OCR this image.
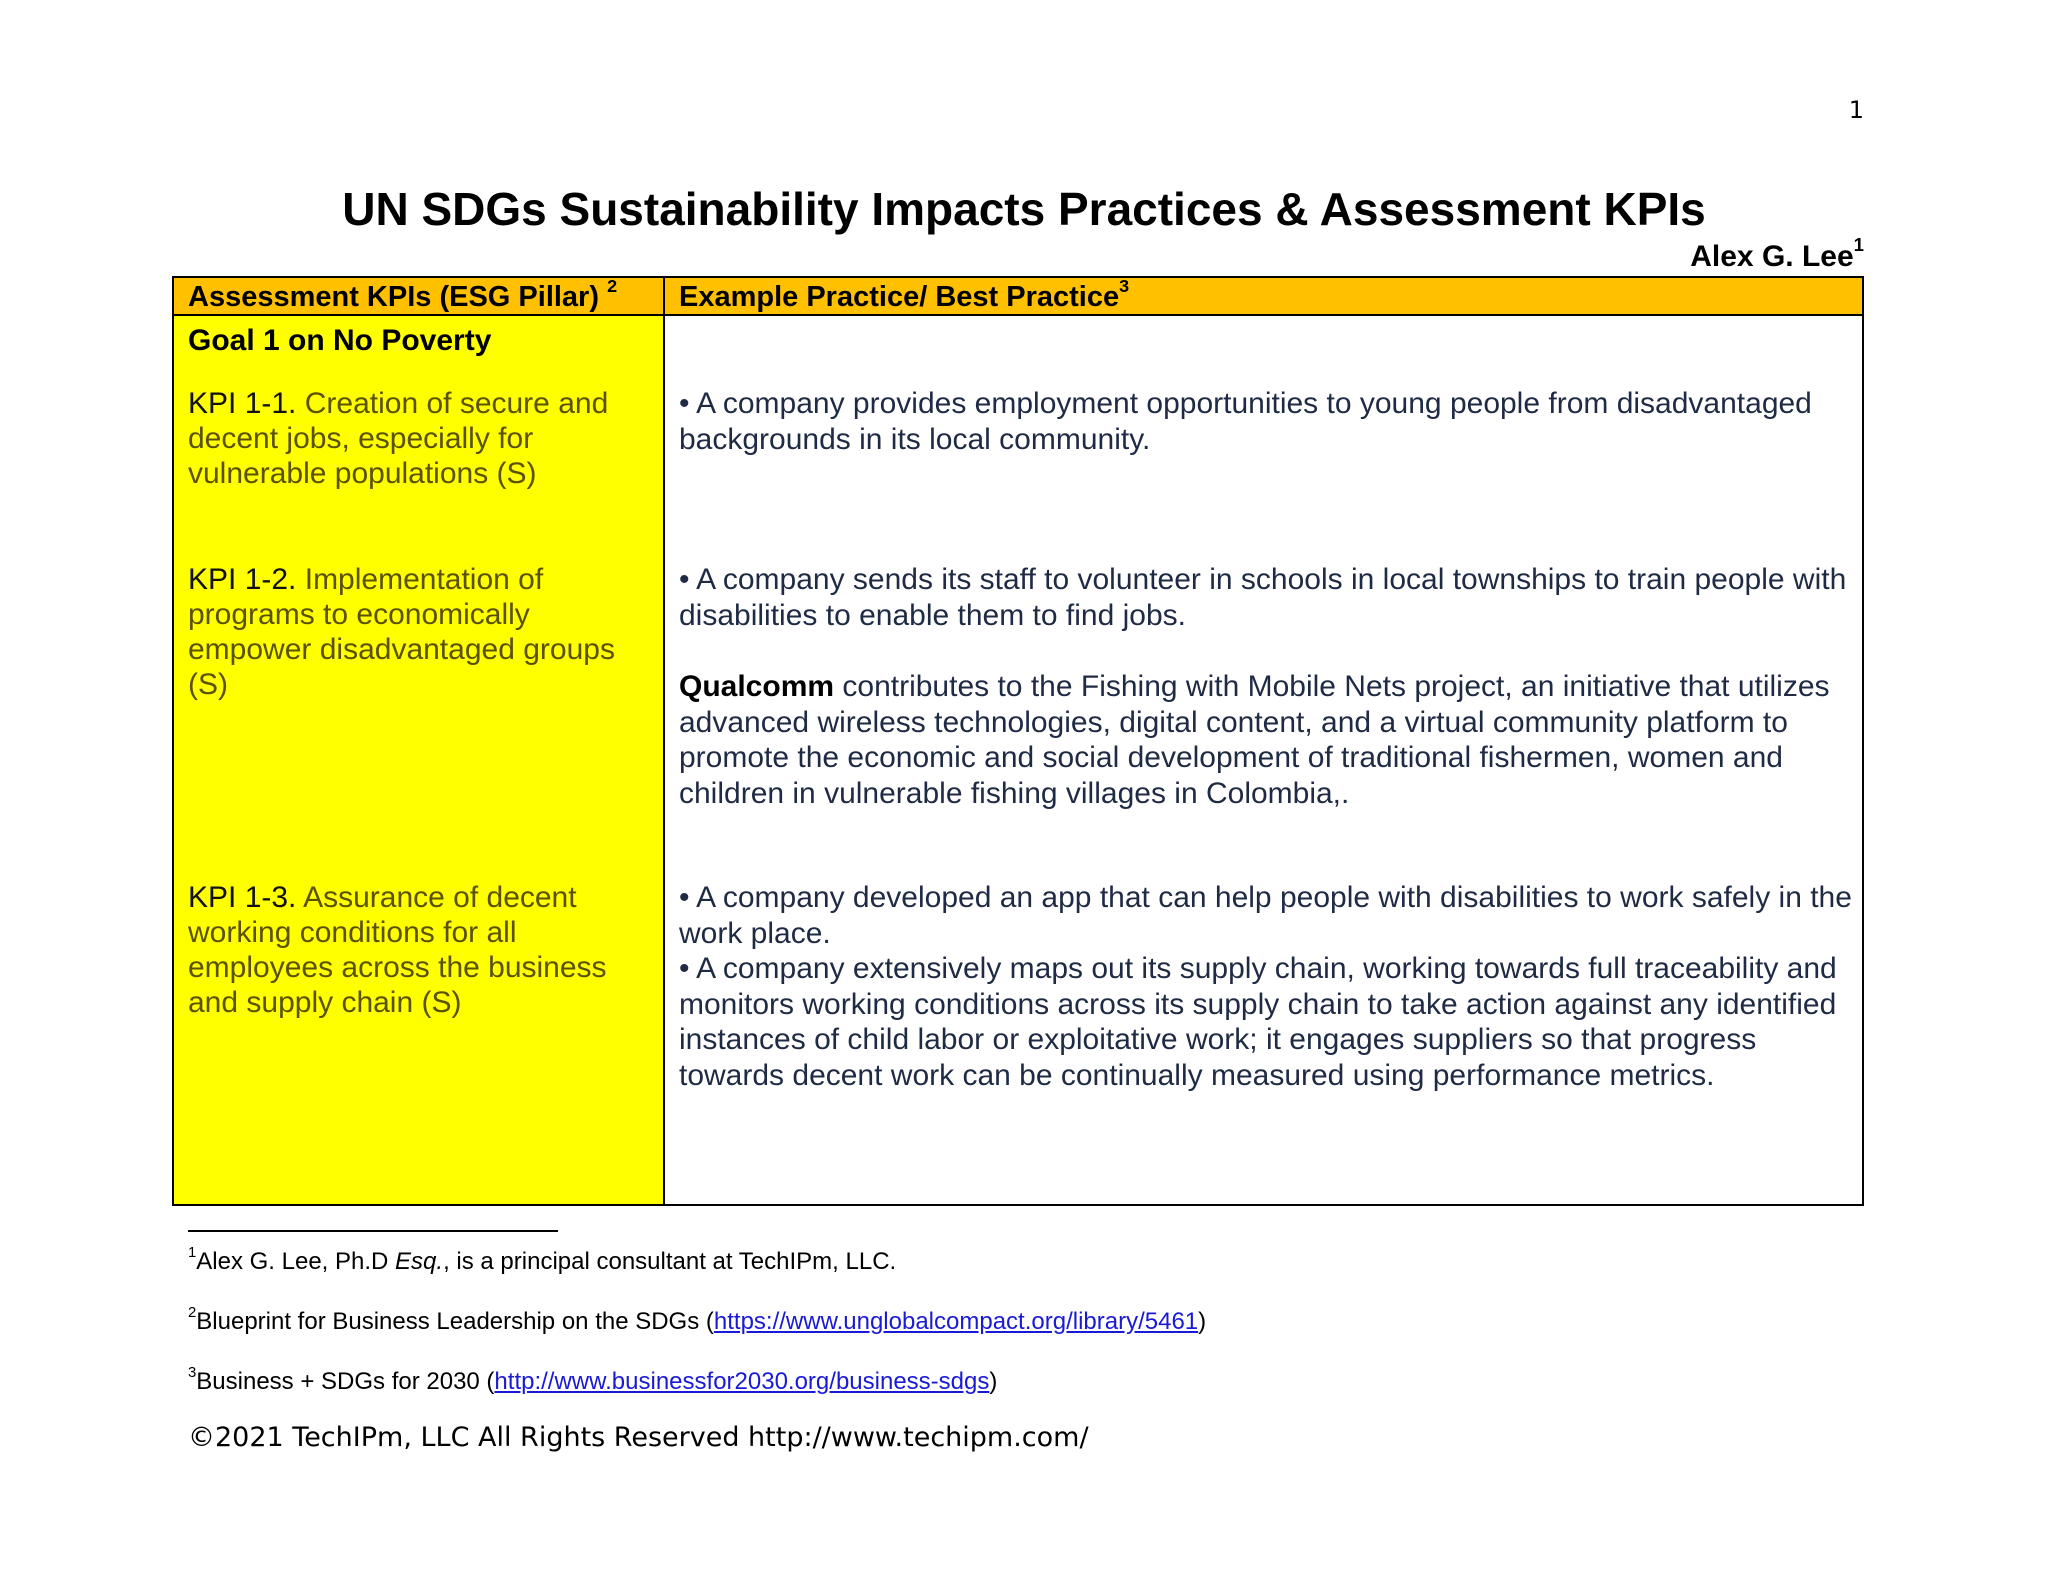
1
UN SDGs Sustainability Impacts Practices & Assessment KPIs
Alex G. Lee$^1$
Assessment KPIs (ESG Pillar) $^2$	Example Practice/ Best Practice$^3$
Goal 1 on No Poverty
KPI 1-1. Creation of secure and decent jobs, especially for vulnerable populations (S)
KPI 1-2. Implementation of programs to economically empower disadvantaged groups (S)
KPI 1-3. Assurance of decent working conditions for all employees across the business and supply chain (S)

• A company provides employment opportunities to young people from disadvantaged backgrounds in its local community.

• A company sends its staff to volunteer in schools in local townships to train people with disabilities to enable them to find jobs.

Qualcomm contributes to the Fishing with Mobile Nets project, an initiative that utilizes advanced wireless technologies, digital content, and a virtual community platform to promote the economic and social development of traditional fishermen, women and children in vulnerable fishing villages in Colombia,.

• A company developed an app that can help people with disabilities to work safely in the work place.

• A company extensively maps out its supply chain, working towards full traceability and monitors working conditions across its supply chain to take action against any identified instances of child labor or exploitative work; it engages suppliers so that progress towards decent work can be continually measured using performance metrics.

$^1$Alex G. Lee, Ph.D Esq., is a principal consultant at TechIPm, LLC.
$^2$Blueprint for Business Leadership on the SDGs (https://www.unglobalcompact.org/library/5461)
$^3$Business + SDGs for 2030 (http://www.businessfor2030.org/business-sdgs)
©2021 TechIPm, LLC All Rights Reserved http://www.techipm.com/
